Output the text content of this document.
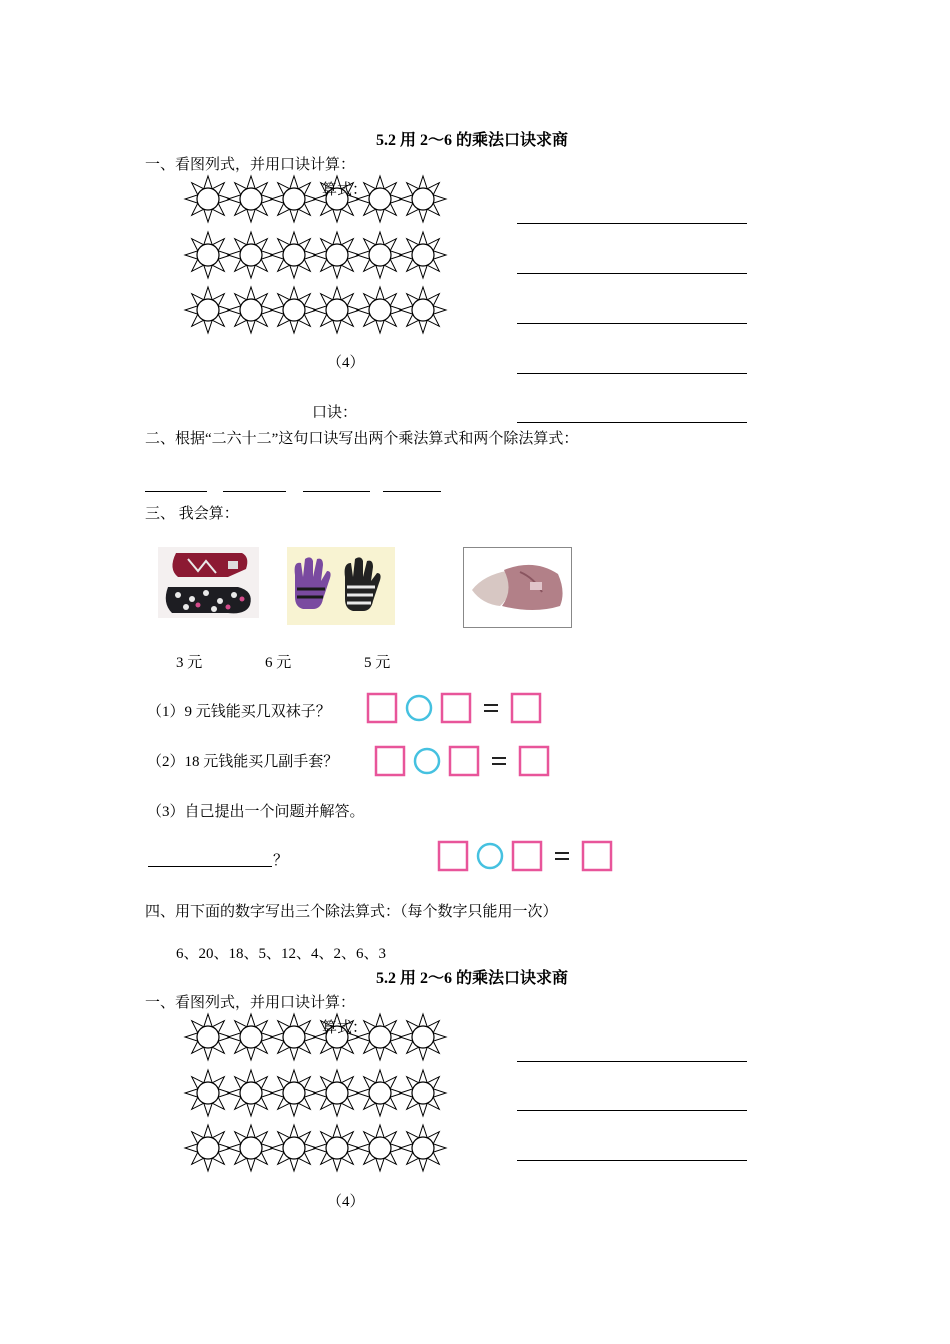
5.2 用 2～6 的乘法口诀求商
一、看图列式，并用口诀计算：
算式：
（4）
口诀：
二、根据“二六十二”这句口诀写出两个乘法算式和两个除法算式：
三、 我会算：
3 元	6 元	5 元
（1）9 元钱能买几双袜子？
（2）18 元钱能买几副手套？
（3）自己提出一个问题并解答。
？
四、用下面的数字写出三个除法算式：（每个数字只能用一次）
6、20、18、5、12、4、2、6、3
5.2 用 2～6 的乘法口诀求商
一、看图列式，并用口诀计算：
算式：
（4）
